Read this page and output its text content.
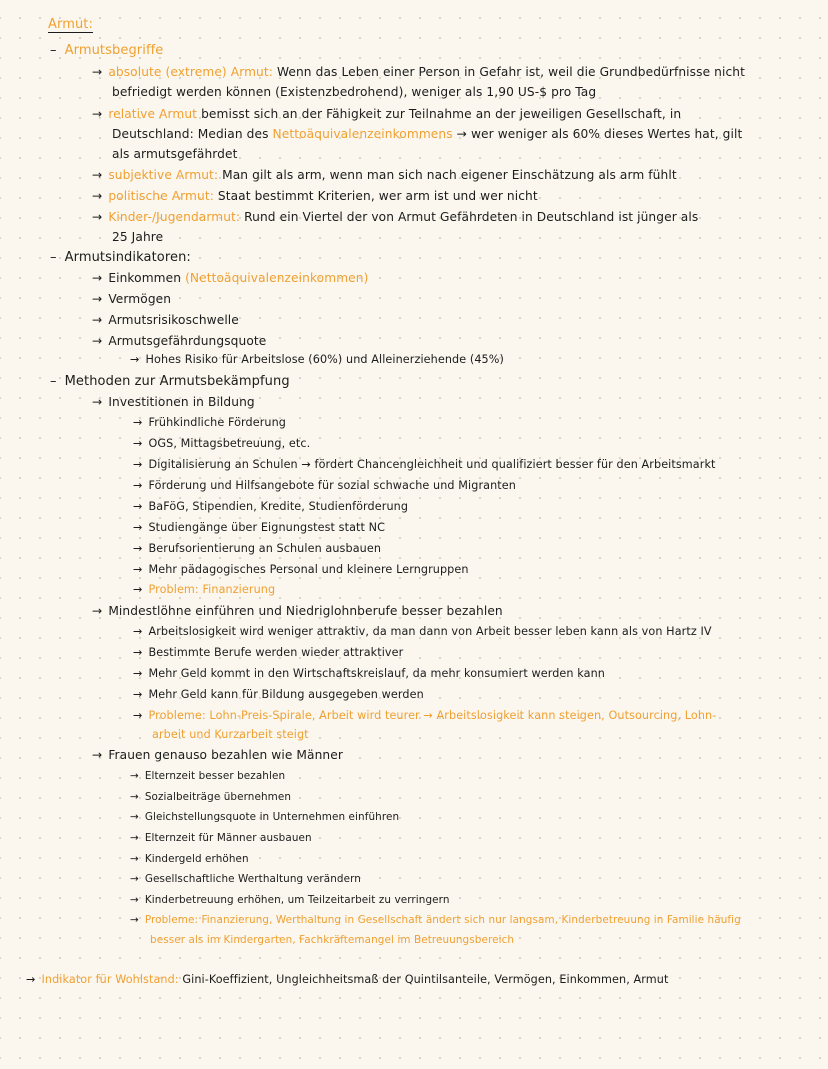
Armut:
– Armutsbegriffe
→ absolute (extreme) Armut: Wenn das Leben einer Person in Gefahr ist, weil die Grundbedürfnisse nicht
befriedigt werden können (Existenzbedrohend), weniger als 1,90 US-$ pro Tag
→ relative Armut bemisst sich an der Fähigkeit zur Teilnahme an der jeweiligen Gesellschaft, in
Deutschland: Median des Nettoäquivalenzeinkommens → wer weniger als 60% dieses Wertes hat, gilt
als armutsgefährdet
→ subjektive Armut: Man gilt als arm, wenn man sich nach eigener Einschätzung als arm fühlt
→ politische Armut: Staat bestimmt Kriterien, wer arm ist und wer nicht
→ Kinder-/Jugendarmut: Rund ein Viertel der von Armut Gefährdeten in Deutschland ist jünger als
25 Jahre
– Armutsindikatoren:
→ Einkommen (Nettoäquivalenzeinkommen)
→ Vermögen
→ Armutsrisikoschwelle
→ Armutsgefährdungsquote
→ Hohes Risiko für Arbeitslose (60%) und Alleinerziehende (45%)
– Methoden zur Armutsbekämpfung
→ Investitionen in Bildung
→ Frühkindliche Förderung
→ OGS, Mittagsbetreuung, etc.
→ Digitalisierung an Schulen → fördert Chancengleichheit und qualifiziert besser für den Arbeitsmarkt
→ Förderung und Hilfsangebote für sozial schwache und Migranten
→ BaFöG, Stipendien, Kredite, Studienförderung
→ Studiengänge über Eignungstest statt NC
→ Berufsorientierung an Schulen ausbauen
→ Mehr pädagogisches Personal und kleinere Lerngruppen
→ Problem: Finanzierung
→ Mindestlöhne einführen und Niedriglohnberufe besser bezahlen
→ Arbeitslosigkeit wird weniger attraktiv, da man dann von Arbeit besser leben kann als von Hartz IV
→ Bestimmte Berufe werden wieder attraktiver
→ Mehr Geld kommt in den Wirtschaftskreislauf, da mehr konsumiert werden kann
→ Mehr Geld kann für Bildung ausgegeben werden
→ Probleme: Lohn-Preis-Spirale, Arbeit wird teurer → Arbeitslosigkeit kann steigen, Outsourcing, Lohn-
arbeit und Kurzarbeit steigt
→ Frauen genauso bezahlen wie Männer
→ Elternzeit besser bezahlen
→ Sozialbeiträge übernehmen
→ Gleichstellungsquote in Unternehmen einführen
→ Elternzeit für Männer ausbauen
→ Kindergeld erhöhen
→ Gesellschaftliche Werthaltung verändern
→ Kinderbetreuung erhöhen, um Teilzeitarbeit zu verringern
→ Probleme: Finanzierung, Werthaltung in Gesellschaft ändert sich nur langsam, Kinderbetreuung in Familie häufig
besser als im Kindergarten, Fachkräftemangel im Betreuungsbereich
→ Indikator für Wohlstand: Gini-Koeffizient, Ungleichheitsmaß der Quintilsanteile, Vermögen, Einkommen, Armut
